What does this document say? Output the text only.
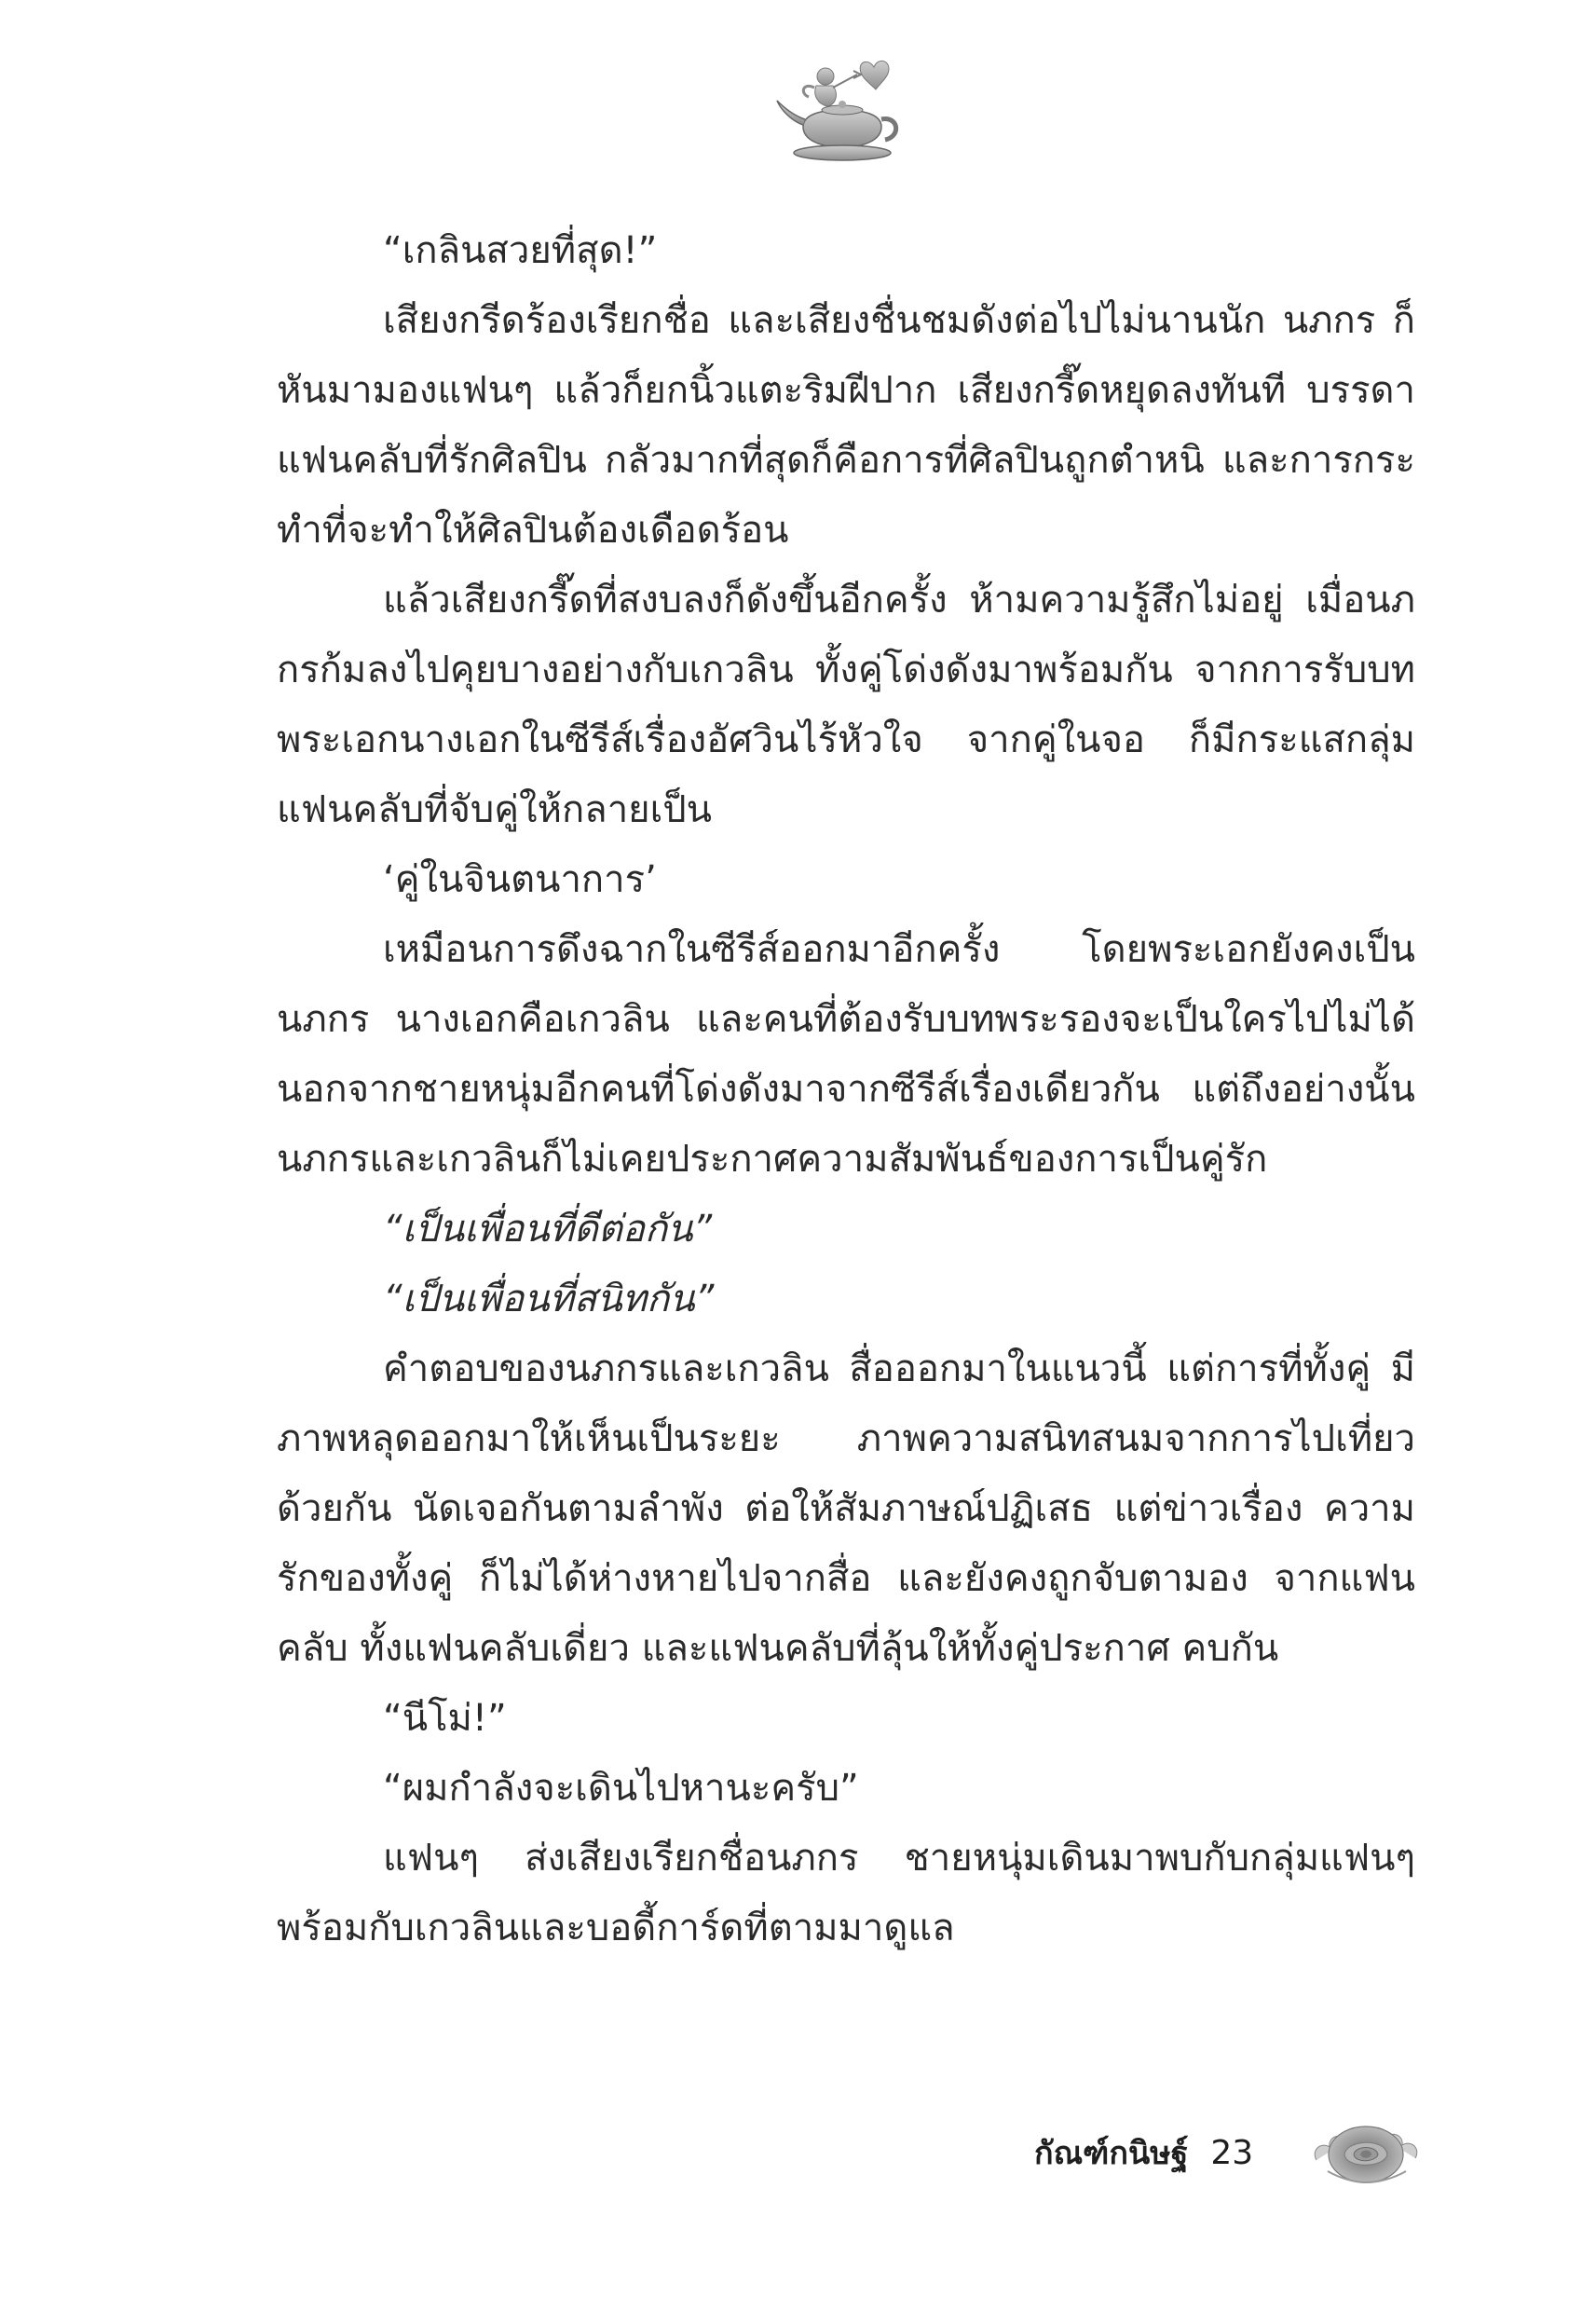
“เกลินสวยที่สุด!”

เสียงกรีดร้องเรียกชื่อ และเสียงชื่นชมดังต่อไปไม่นานนัก นภกร ก็หันมามองแฟนๆ แล้วก็ยกนิ้วแตะริมฝีปาก เสียงกรี๊ดหยุดลงทันที บรรดาแฟนคลับที่รักศิลปิน กลัวมากที่สุดก็คือการที่ศิลปินถูกตำหนิ และการกระทำที่จะทำให้ศิลปินต้องเดือดร้อน

แล้วเสียงกรี๊ดที่สงบลงก็ดังขึ้นอีกครั้ง ห้ามความรู้สึกไม่อยู่ เมื่อนภกรก้มลงไปคุยบางอย่างกับเกวลิน ทั้งคู่โด่งดังมาพร้อมกัน จากการรับบทพระเอกนางเอกในซีรีส์เรื่องอัศวินไร้หัวใจ จากคู่ในจอ ก็มีกระแสกลุ่มแฟนคลับที่จับคู่ให้กลายเป็น

‘คู่ในจินตนาการ’

เหมือนการดึงฉากในซีรีส์ออกมาอีกครั้ง โดยพระเอกยังคงเป็น นภกร นางเอกคือเกวลิน และคนที่ต้องรับบทพระรองจะเป็นใครไปไม่ได้ นอกจากชายหนุ่มอีกคนที่โด่งดังมาจากซีรีส์เรื่องเดียวกัน แต่ถึงอย่างนั้น นภกรและเกวลินก็ไม่เคยประกาศความสัมพันธ์ของการเป็นคู่รัก

“เป็นเพื่อนที่ดีต่อกัน”

“เป็นเพื่อนที่สนิทกัน”

คำตอบของนภกรและเกวลิน สื่อออกมาในแนวนี้ แต่การที่ทั้งคู่ มีภาพหลุดออกมาให้เห็นเป็นระยะ ภาพความสนิทสนมจากการไปเที่ยว ด้วยกัน นัดเจอกันตามลำพัง ต่อให้สัมภาษณ์ปฏิเสธ แต่ข่าวเรื่อง ความรักของทั้งคู่ ก็ไม่ได้ห่างหายไปจากสื่อ และยังคงถูกจับตามอง จากแฟนคลับ ทั้งแฟนคลับเดี่ยว และแฟนคลับที่ลุ้นให้ทั้งคู่ประกาศ คบกัน

“นีโม่!”

“ผมกำลังจะเดินไปหานะครับ”

แฟนๆ ส่งเสียงเรียกชื่อนภกร ชายหนุ่มเดินมาพบกับกลุ่มแฟนๆ พร้อมกับเกวลินและบอดี้การ์ดที่ตามมาดูแล

กัณฑ์กนิษฐ์ 23
